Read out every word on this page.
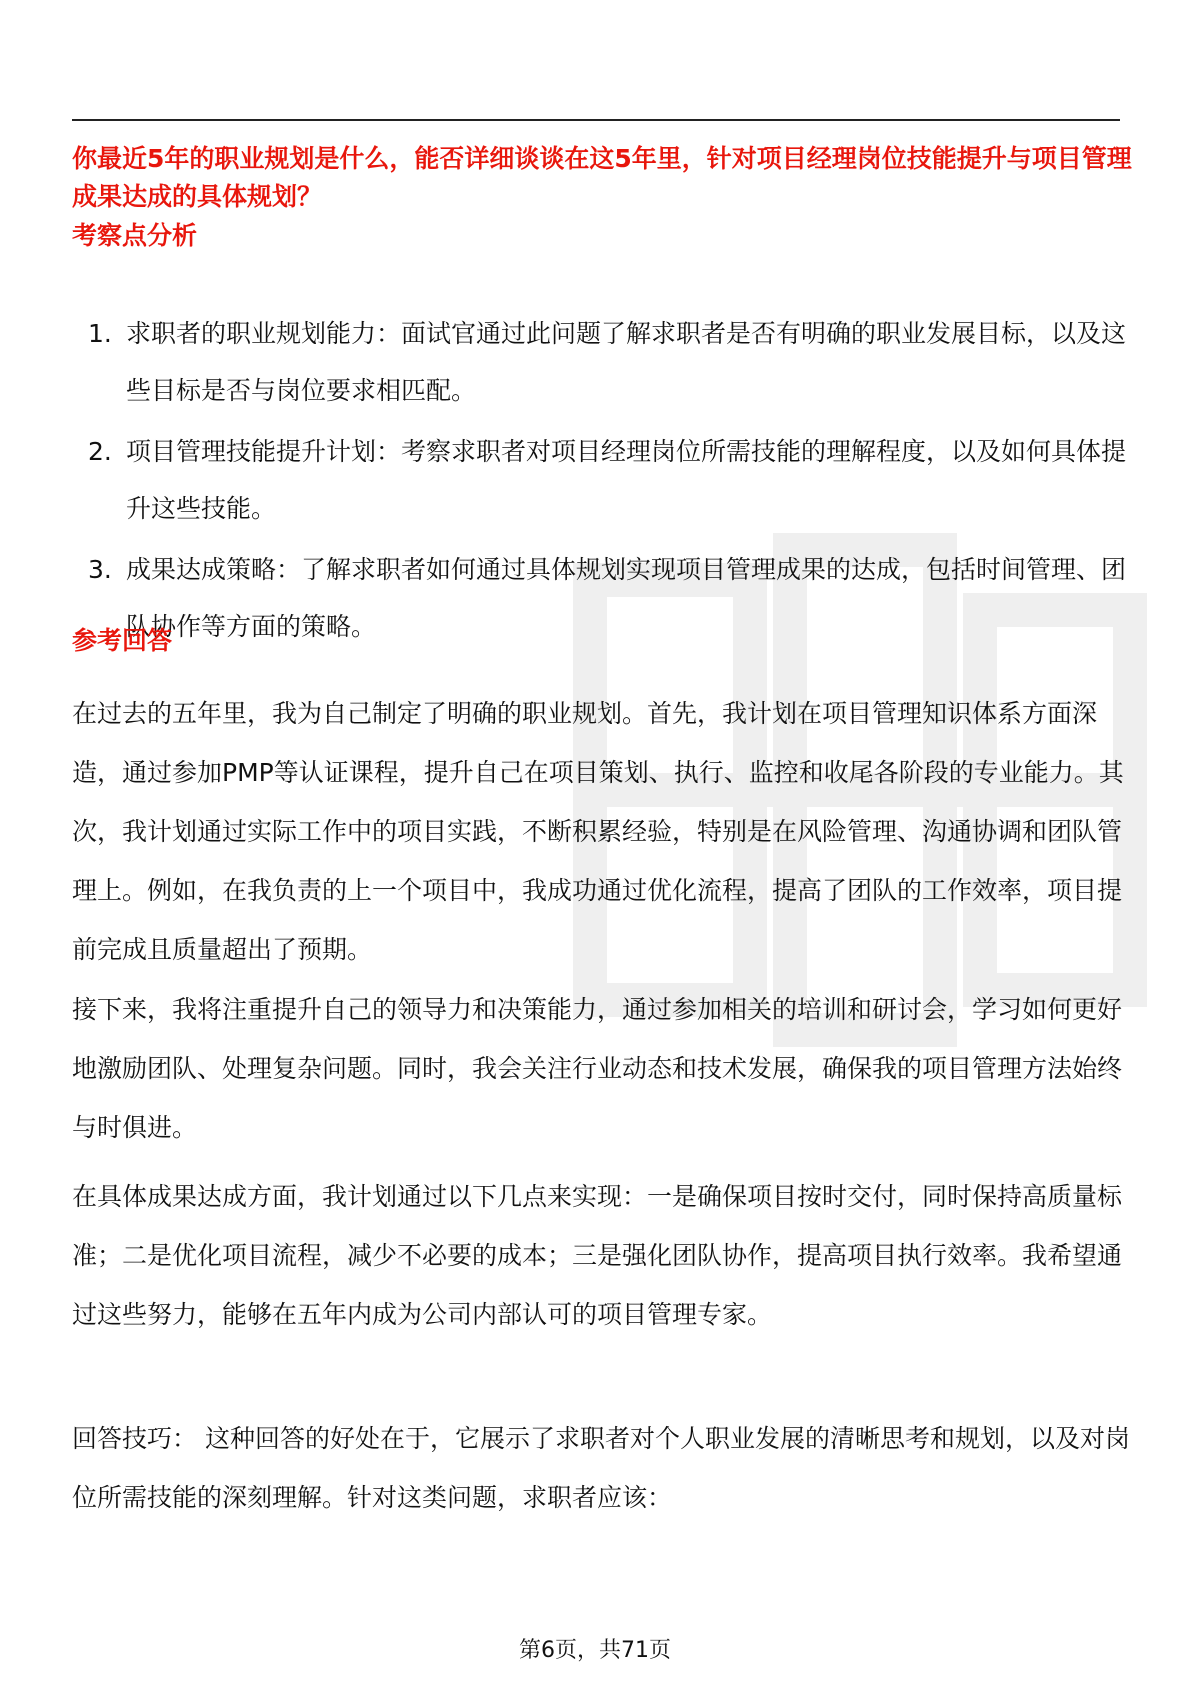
你最近5年的职业规划是什么，能否详细谈谈在这5年里，针对项目经理岗位技能提升与项目管理成果达成的具体规划？
考察点分析
1. 求职者的职业规划能力：面试官通过此问题了解求职者是否有明确的职业发展目标，以及这些目标是否与岗位要求相匹配。
2. 项目管理技能提升计划：考察求职者对项目经理岗位所需技能的理解程度，以及如何具体提升这些技能。
3. 成果达成策略：了解求职者如何通过具体规划实现项目管理成果的达成，包括时间管理、团队协作等方面的策略。
参考回答

在过去的五年里，我为自己制定了明确的职业规划。首先，我计划在项目管理知识体系方面深造，通过参加PMP等认证课程，提升自己在项目策划、执行、监控和收尾各阶段的专业能力。其次，我计划通过实际工作中的项目实践，不断积累经验，特别是在风险管理、沟通协调和团队管理上。例如，在我负责的上一个项目中，我成功通过优化流程，提高了团队的工作效率，项目提前完成且质量超出了预期。

接下来，我将注重提升自己的领导力和决策能力，通过参加相关的培训和研讨会，学习如何更好地激励团队、处理复杂问题。同时，我会关注行业动态和技术发展，确保我的项目管理方法始终与时俱进。

在具体成果达成方面，我计划通过以下几点来实现：一是确保项目按时交付，同时保持高质量标准；二是优化项目流程，减少不必要的成本；三是强化团队协作，提高项目执行效率。我希望通过这些努力，能够在五年内成为公司内部认可的项目管理专家。

回答技巧： 这种回答的好处在于，它展示了求职者对个人职业发展的清晰思考和规划，以及对岗位所需技能的深刻理解。针对这类问题，求职者应该：

第6页，共71页
